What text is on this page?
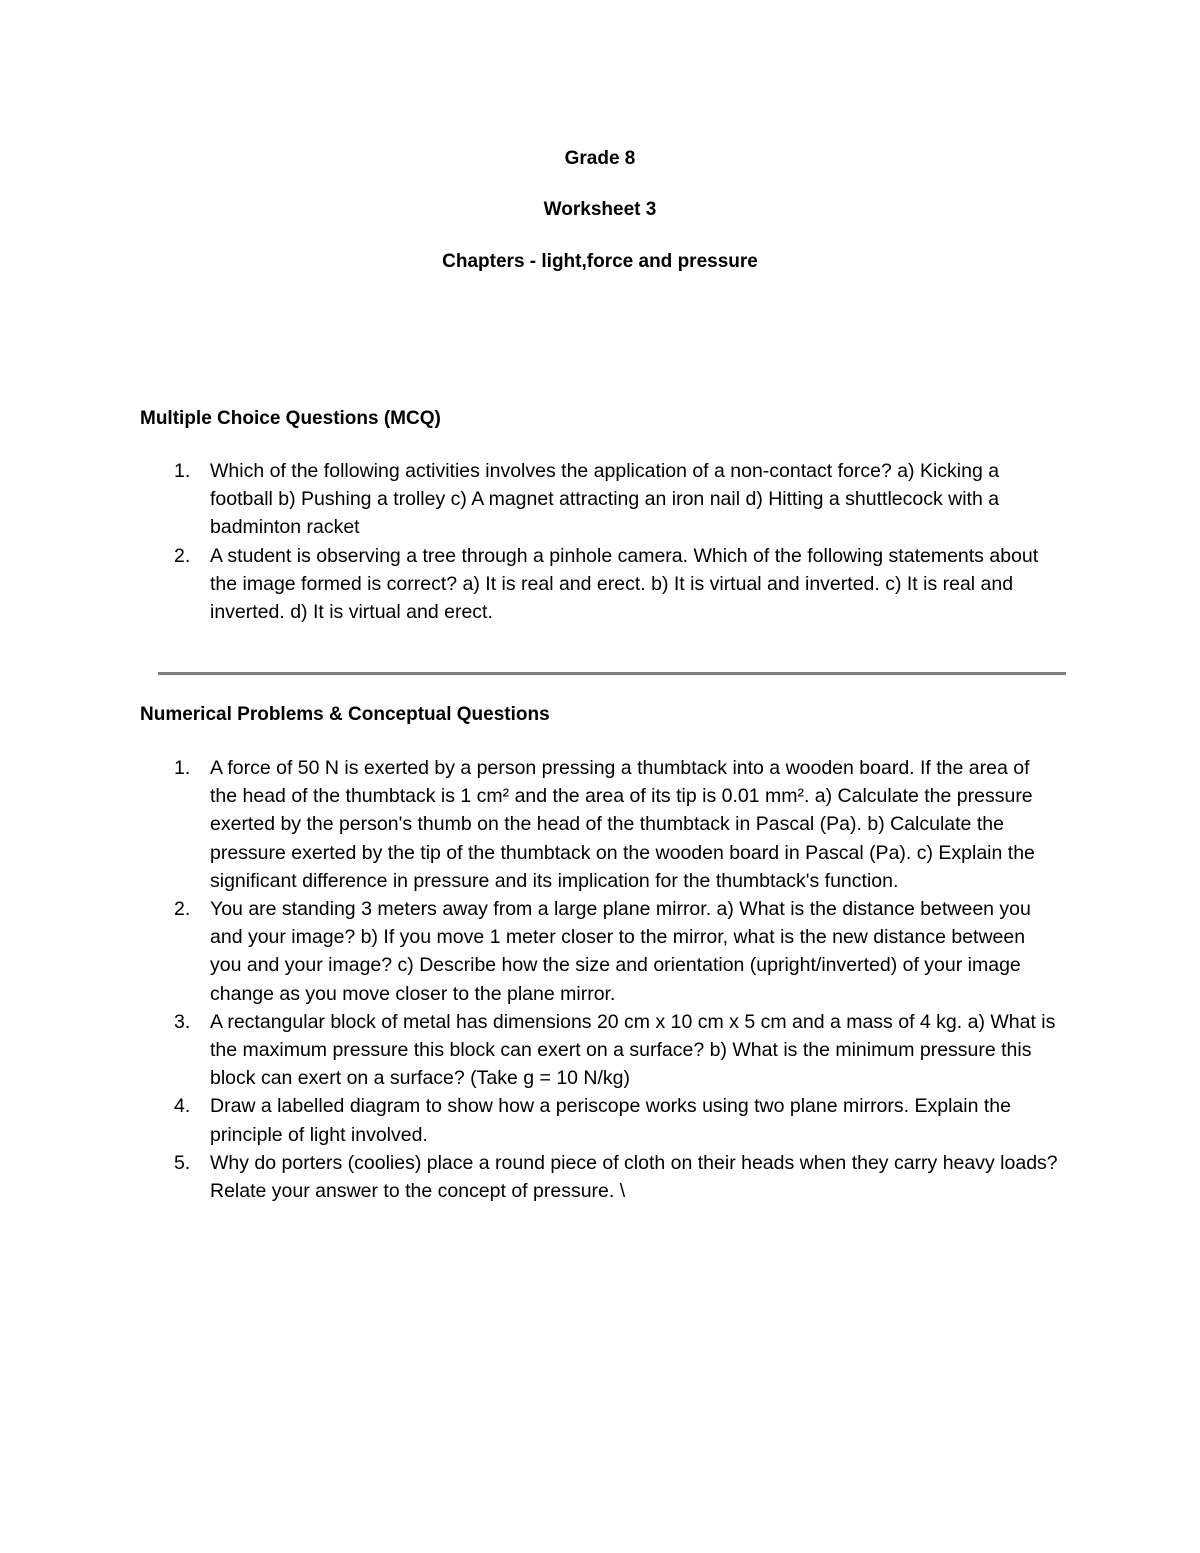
Grade 8
Worksheet 3
Chapters - light,force and pressure
Multiple Choice Questions (MCQ)
1. Which of the following activities involves the application of a non-contact force? a) Kicking a football b) Pushing a trolley c) A magnet attracting an iron nail d) Hitting a shuttlecock with a badminton racket
2. A student is observing a tree through a pinhole camera. Which of the following statements about the image formed is correct? a) It is real and erect. b) It is virtual and inverted. c) It is real and inverted. d) It is virtual and erect.
Numerical Problems & Conceptual Questions
1. A force of 50 N is exerted by a person pressing a thumbtack into a wooden board. If the area of the head of the thumbtack is 1 cm² and the area of its tip is 0.01 mm². a) Calculate the pressure exerted by the person's thumb on the head of the thumbtack in Pascal (Pa). b) Calculate the pressure exerted by the tip of the thumbtack on the wooden board in Pascal (Pa). c) Explain the significant difference in pressure and its implication for the thumbtack's function.
2. You are standing 3 meters away from a large plane mirror. a) What is the distance between you and your image? b) If you move 1 meter closer to the mirror, what is the new distance between you and your image? c) Describe how the size and orientation (upright/inverted) of your image change as you move closer to the plane mirror.
3. A rectangular block of metal has dimensions 20 cm x 10 cm x 5 cm and a mass of 4 kg. a) What is the maximum pressure this block can exert on a surface? b) What is the minimum pressure this block can exert on a surface? (Take g = 10 N/kg)
4. Draw a labelled diagram to show how a periscope works using two plane mirrors. Explain the principle of light involved.
5. Why do porters (coolies) place a round piece of cloth on their heads when they carry heavy loads? Relate your answer to the concept of pressure. \
